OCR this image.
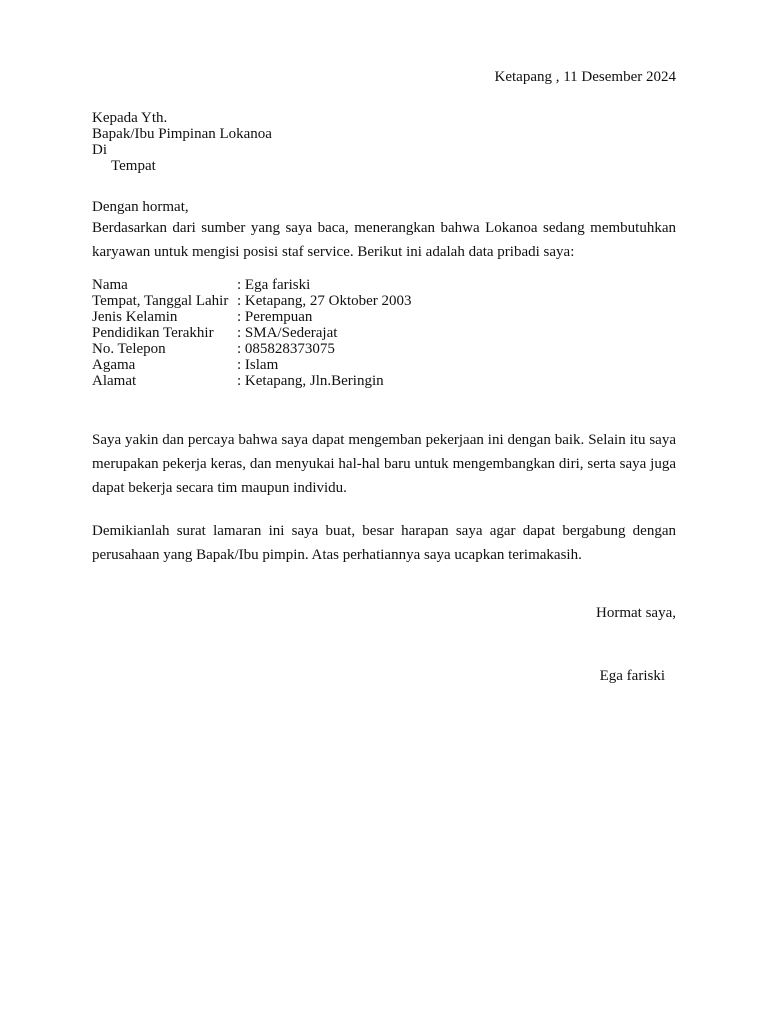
Ketapang , 11 Desember 2024
Kepada Yth.
Bapak/Ibu Pimpinan Lokanoa
Di
Tempat
Dengan hormat,
Berdasarkan dari sumber yang saya baca, menerangkan bahwa Lokanoa sedang membutuhkan karyawan untuk mengisi posisi staf service. Berikut ini adalah data pribadi saya:
Nama	: Ega fariski
Tempat, Tanggal Lahir	: Ketapang, 27 Oktober 2003
Jenis Kelamin	: Perempuan
Pendidikan Terakhir	: SMA/Sederajat
No. Telepon	: 085828373075
Agama	: Islam
Alamat	: Ketapang, Jln.Beringin
Saya yakin dan percaya bahwa saya dapat mengemban pekerjaan ini dengan baik. Selain itu saya merupakan pekerja keras, dan menyukai hal-hal baru untuk mengembangkan diri, serta saya juga dapat bekerja secara tim maupun individu.
Demikianlah surat lamaran ini saya buat, besar harapan saya agar dapat bergabung dengan perusahaan yang Bapak/Ibu pimpin. Atas perhatiannya saya ucapkan terimakasih.
Hormat saya,
Ega fariski
